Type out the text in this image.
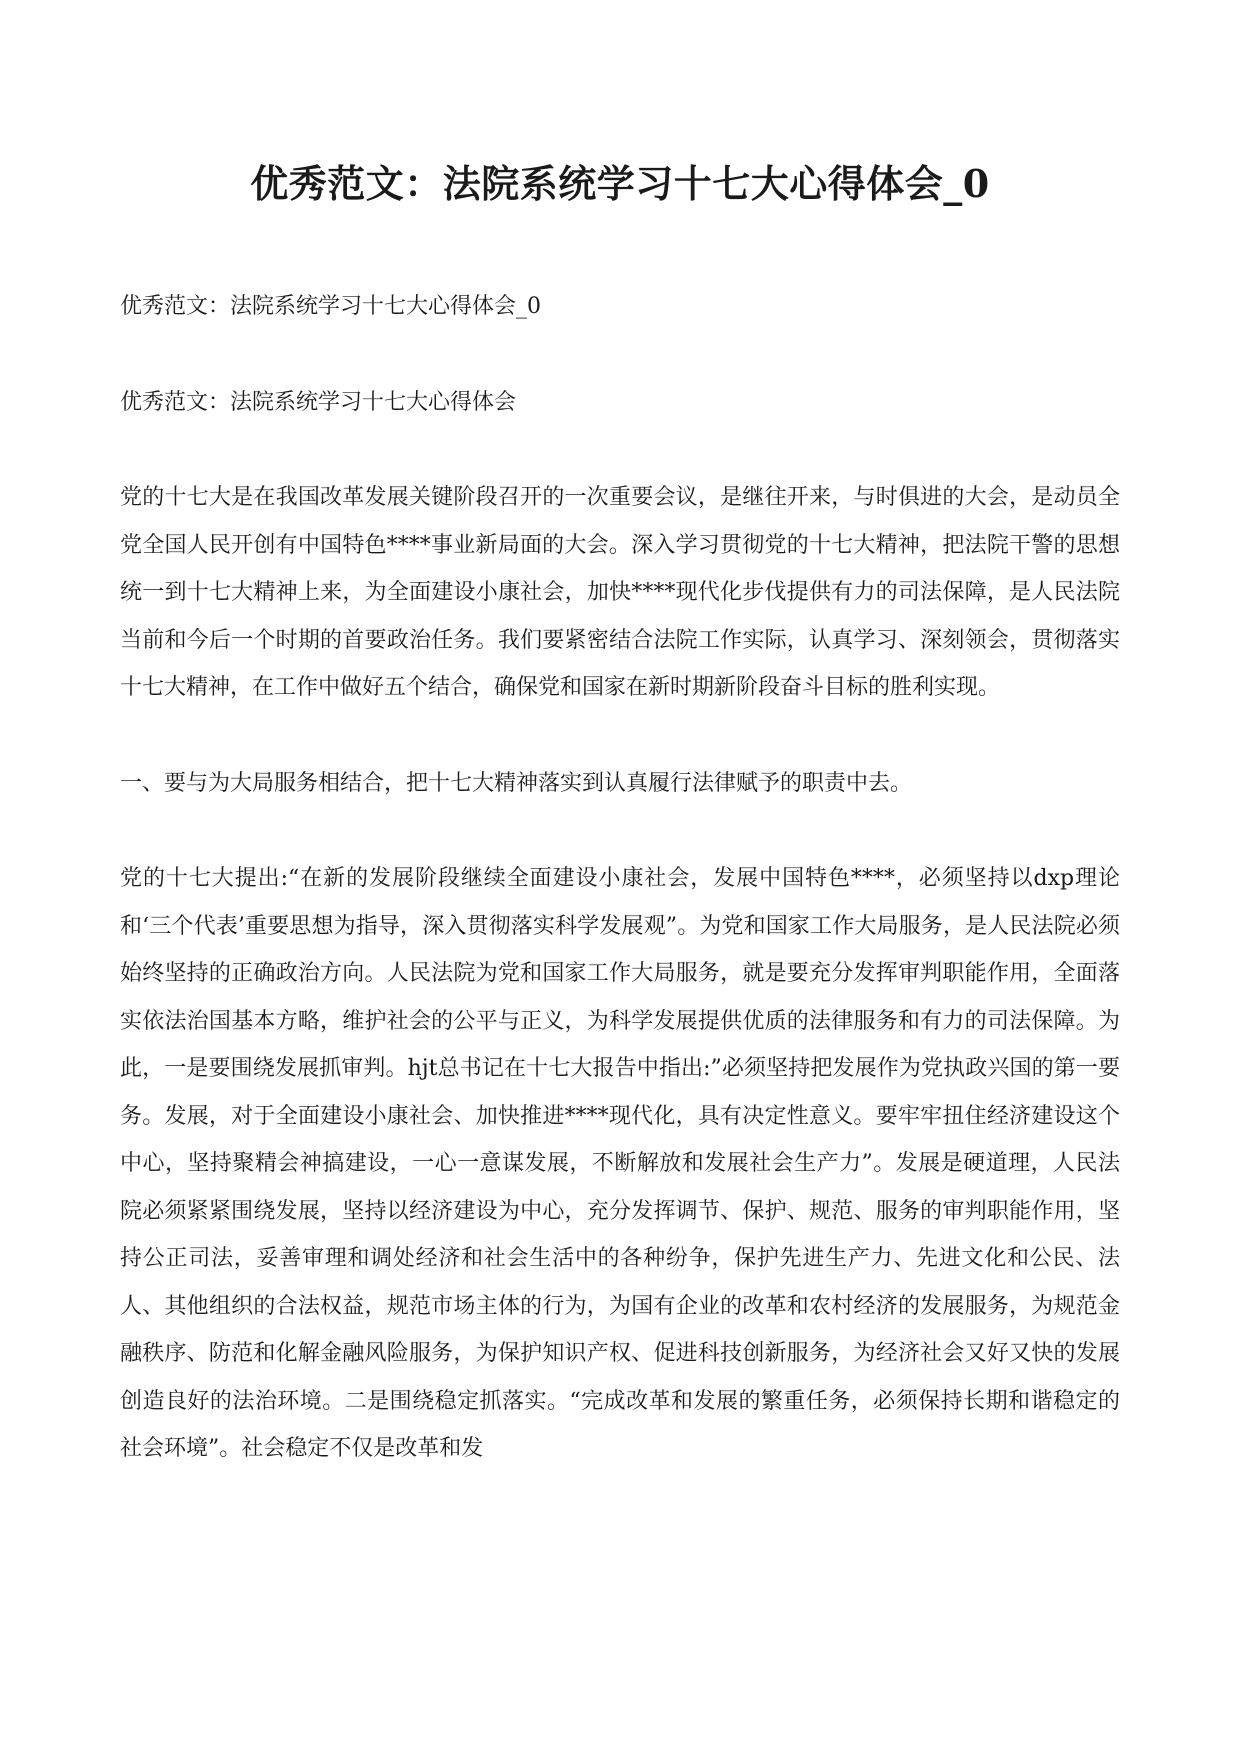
优秀范文：法院系统学习十七大心得体会_0

优秀范文：法院系统学习十七大心得体会_0

优秀范文：法院系统学习十七大心得体会

党的十七大是在我国改革发展关键阶段召开的一次重要会议，是继往开来，与时俱进的大会，是动员全党全国人民开创有中国特色****事业新局面的大会。深入学习贯彻党的十七大精神，把法院干警的思想统一到十七大精神上来，为全面建设小康社会，加快****现代化步伐提供有力的司法保障，是人民法院当前和今后一个时期的首要政治任务。我们要紧密结合法院工作实际，认真学习、深刻领会，贯彻落实十七大精神，在工作中做好五个结合，确保党和国家在新时期新阶段奋斗目标的胜利实现。

一、要与为大局服务相结合，把十七大精神落实到认真履行法律赋予的职责中去。

党的十七大提出:“在新的发展阶段继续全面建设小康社会，发展中国特色****，必须坚持以dxp理论和‘三个代表’重要思想为指导，深入贯彻落实科学发展观”。为党和国家工作大局服务，是人民法院必须始终坚持的正确政治方向。人民法院为党和国家工作大局服务，就是要充分发挥审判职能作用，全面落实依法治国基本方略，维护社会的公平与正义，为科学发展提供优质的法律服务和有力的司法保障。为此，一是要围绕发展抓审判。hjt总书记在十七大报告中指出:”必须坚持把发展作为党执政兴国的第一要务。发展，对于全面建设小康社会、加快推进****现代化，具有决定性意义。要牢牢扭住经济建设这个中心，坚持聚精会神搞建设，一心一意谋发展，不断解放和发展社会生产力”。发展是硬道理，人民法院必须紧紧围绕发展，坚持以经济建设为中心，充分发挥调节、保护、规范、服务的审判职能作用，坚持公正司法，妥善审理和调处经济和社会生活中的各种纷争，保护先进生产力、先进文化和公民、法人、其他组织的合法权益，规范市场主体的行为，为国有企业的改革和农村经济的发展服务，为规范金融秩序、防范和化解金融风险服务，为保护知识产权、促进科技创新服务，为经济社会又好又快的发展创造良好的法治环境。二是围绕稳定抓落实。“完成改革和发展的繁重任务，必须保持长期和谐稳定的社会环境”。社会稳定不仅是改革和发
